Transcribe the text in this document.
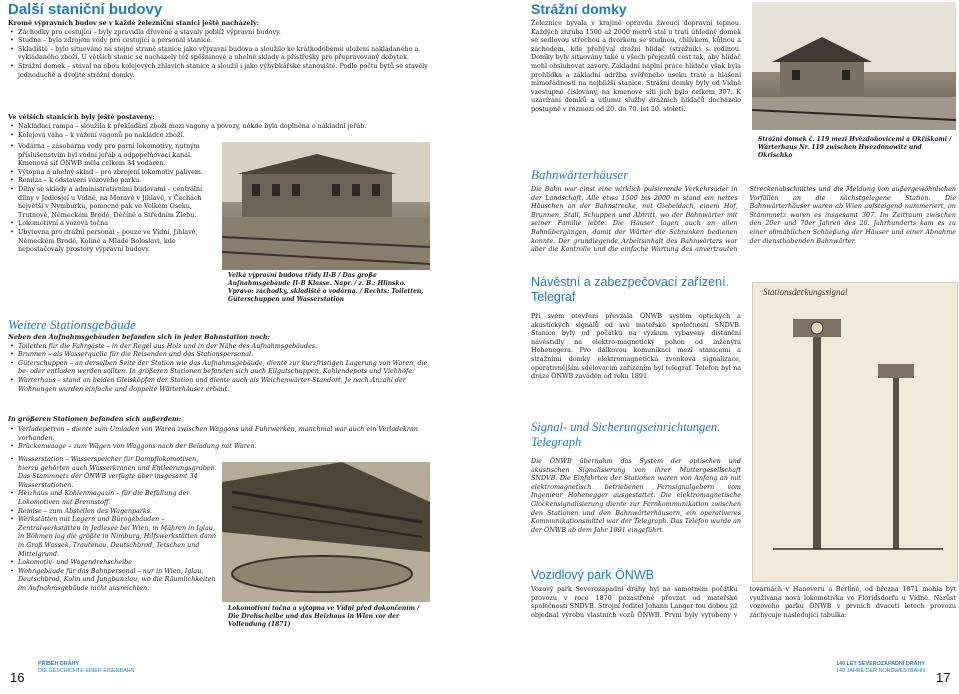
Další staniční budovy
Kromě výpravních budov se v každé železniční stanici ještě nacházely:
• Záchodky pro cestující – byly zpravidla dřevěné a stávaly poblíž výpravní budovy.
• Studna – byla zdrojem vody pro cestující a personál stanice.
• Skladiště – bylo situováno na stejné straně stanice jako výpravní budova a sloužilo ke krátkodobému uložení nakládaného a vykládaného zboží. U větších stanic se nacházely též spěšninové a uhelné sklady a přístřešky pro přepravovaný dobytek.
• Strážní domek – stával na obou kolejových zhlavích stanice a sloužil i jako výhybkářské stanoviště. Podle počtu bytů se stavěly jednoduché a dvojité strážní domky.
Ve větších stanicích byly ještě postaveny:
• Nakládací rampa – sloužila k překládání zboží mezi vagony a povozy, někde byla doplněna o nákladní jeřáb.
• Kolejová váha – k vážení vagonů po nakládce zboží.
• Vodárna – zásobárna vody pro parní lokomotivy, nutným příslušenstvím byl vodní jeřáb a odpopelňovací kanál. Kmenová síť ÖNWB měla celkem 34 vodáren.
• Výtopna a uhelný sklad – pro zbrojení lokomotiv palivem.
• Remíza – k odstavení vozového parku.
• Dílny se sklady a administrativními budovami – centrální dílny v Jedlesjeí u Vídně, na Moravě v Jihlavě, v Čechách největší v Nymburku, pomocné pak ve Velkém Oseku, Trutnově, Německém Brodě, Děčíně a Středním Žlebu.
• Lokomotivní a vozová točna
• Ubytovna pro drážní personál – pouze ve Vídni, Jihlavě, Německém Brodě, Kolíně a Mladé Boleslavi, kde nepostačovaly prostory výpravní budovy.
Velká výpravní budova třídy II-B / Das große Aufnahmsgebäude II-B Klasse. Napr. / z. B.: Hlinsko. Vpravo: záchodky, skladiště a vodárna. / Rechts: Toiletten, Güterschuppen und Wasserstation
Weitere Stationsgebäude
Neben den Aufnahmsgebäuden befanden sich in jeder Bahnstation noch:
• Toiletten für die Fahrgäste – in der Regel aus Holz und in der Nähe des Aufnahmsgebäudes.
• Brunnen – als Wasserquelle für die Reisenden und das Stationspersonal.
• Güterschuppen – an derselben Seite der Station wie das Aufnahmsgebäude, diente zur kurzfristigen Lagerung von Waren, die be- oder entladen werden sollten. In größeren Stationen befanden sich auch Eilgutschuppen, Kohlendepots und Viehhöfe.
• Wärterhaus – stand an beiden Gleisköpfen der Station und diente auch als Weichenwärter-Standort. Je nach Anzahl der Wohnungen wurden einfache und doppelte Wärterhäuser erbaut.
In größeren Stationen befanden sich außerdem:
• Verladeperron – diente zum Umladen von Waren zwischen Waggons und Fuhrwerken, manchmal war auch ein Verladekran vorhanden.
• Brückenwaage – zum Wägen von Waggons nach der Beladung mit Waren.
• Wasserstation – Wasserspeicher für Dampflokomotiven, hierzu gehörten auch Wasserkranen und Entleerungsgruben. Das Stammnetz der ÖNWB verfügte über insgesamt 34 Wasserstationen.
• Heizhaus und Kohlenmagazin – für die Befüllung der Lokomotiven mit Brennstoff.
• Remise – zum Abstellen des Wagenparks.
• Werkstätten mit Lagern und Bürogebäuden – Zentralwerkstätten in Jedlesee bei Wien, in Mähren in Iglau, in Böhmen lag die größte in Nimburg, Hilfswerkstätten dann in Groß Wossek, Trautenau, Deutschbrod, Tetschen und Mittelgrund.
• Lokomotiv- und Wagendrehscheibe
• Wohngebäude für das Bahnpersonal – nur in Wien, Iglau, Deutschbrod, Kolin und Jungbunzlau, wo die Räumlichkeiten im Aufnahmsgebäude nicht ausreichten.
Lokomotivní točna a výtopna ve Vídni před dokončením / Die Drehscheibe und das Heizhaus in Wien vor der Vollendung (1871)
16
PŘÍBĚH DRÁHY
DIE GESCHICHTE EINER EISENBAHN
Strážní domky
Železnice bývala v krajině opravdu živoucí dopravní tepnou. Každých zhruba 1500 až 2000 metrů stál u trati úhledný domek se sedlovou střechou a dvorkem se studnou, chlívkem, kůlnou a záchodem, kde přebýval drážní hlídač (strážník) s rodinou. Domky byly situovány také u všech přejezdů cest tak, aby hlídač mohl obsluhovat závory. Základní náplní práce hlídače však byla prohlídka a základní údržba svěřeného úseku tratě a hlášení mimořádností na nejbližší stanice. Strážní domky byly od Vídně vzestupně číslovány, na kmenové síti jich bylo celkem 307. K uzavírání domků a útlumu služby drážních hlídačů docházelo postupně v rozmezí od 20. do 70. let 20. století.
Strážní domek č. 119 mezi Hvězdoňovicemi a Okříškami / Wärterhaus Nr. 119 zwischen Hwezdonowitz und Okrischko
Bahnwärterhäuser
Die Bahn war einst eine wirklich pulsierende Verkehrsader in der Landschaft. Alle etwa 1500 bis 2000 m stand ein nettes Häuschen an der Bahnstrecke, mit Giebeldach, einem Hof, Brunnen, Stall, Schuppen und Abtritt, wo der Bahnwärter mit seiner Familie lebte. Die Häuser lagen auch an allen Bahnübergängen, damit der Wärter die Schranken bedienen konnte. Der grundlegende Arbeitsinhalt des Bahnwärters war aber die Kontrolle und die einfache Wartung des anvertrauten Streckenabschnittes und die Meldung von außergewöhnlichen Vorfällen an die nächstgelegene Station. Die Bahnwärterhäuser waren ab Wien aufsteigend nummeriert, im Stammnetz waren es insgesamt 307. Im Zeitraum zwischen den 20er und 70er Jahren des 20. Jahrhunderts kam es zu einer allmählichen Schließung der Häuser und einer Abnahme der diensthabenden Bahnwärter.
Návěstní a zabezpečovací zařízení. Telegraf
Při svém otevření převzala ÖNWB systém optických a akustických signálů od své mateřské společnosti SNDVB. Stanice byly od počátku na výzkum vybaveny distanční návěstidly na elektro-magnetický pohon od inženýra Hohenegera. Pro dálkovou komunikaci mezi stanicemi a strážními domky elektromagnetická zvonková signalizace, operativnějším sdělovacím zařízením byl telegraf. Telefon byl na dráze ÖNWB zaváděn od roku 1891.
Stationsdeckungssignal
Signal- und Sicherungseinrichtungen. Telegraph
Die ÖNWB übernahm das System der optischen und akustischen Signalisierung von ihrer Muttergesellschaft SNDVB. Die Einfahrten der Stationen waren von Anfang an mit elektromagnetisch betriebenen Fernsignalgebern vom Ingenieur Hohenegger ausgestattet. Die elektromagnetische Glockensignalisierung diente zur Fernkommunikation zwischen den Stationen und den Bahnwärterhäusern, ein operativeres Kommunikationsmittel war der Telegraph. Das Telefon wurde an der ÖNWB ab dem Jahr 1891 eingeführt.
Vozidlový park ÖNWB
Vozový park Severozápadní dráhy byl na samotném počátku provozu v roce 1870 pozastřeně převzat od mateřské společnosti SNDVB. Strojní ředitel Johann Langer tou dobou již objednal výrobu vlastních vozů ÖNWB. První byly vyrobeny v továrnách v Hanoveru a Berlíně, od března 1871 mohla být využívána nová lokomotivka ve Floridsdorfu u Vídně. Nárůst vozového parku ÖNWB v prvních dvaceti letech provozu zachycuje následující tabulka:
140 LET SEVEROZÁPADNÍ DRÁHY
140 JAHRE DER NORDWESTBAHN 17
